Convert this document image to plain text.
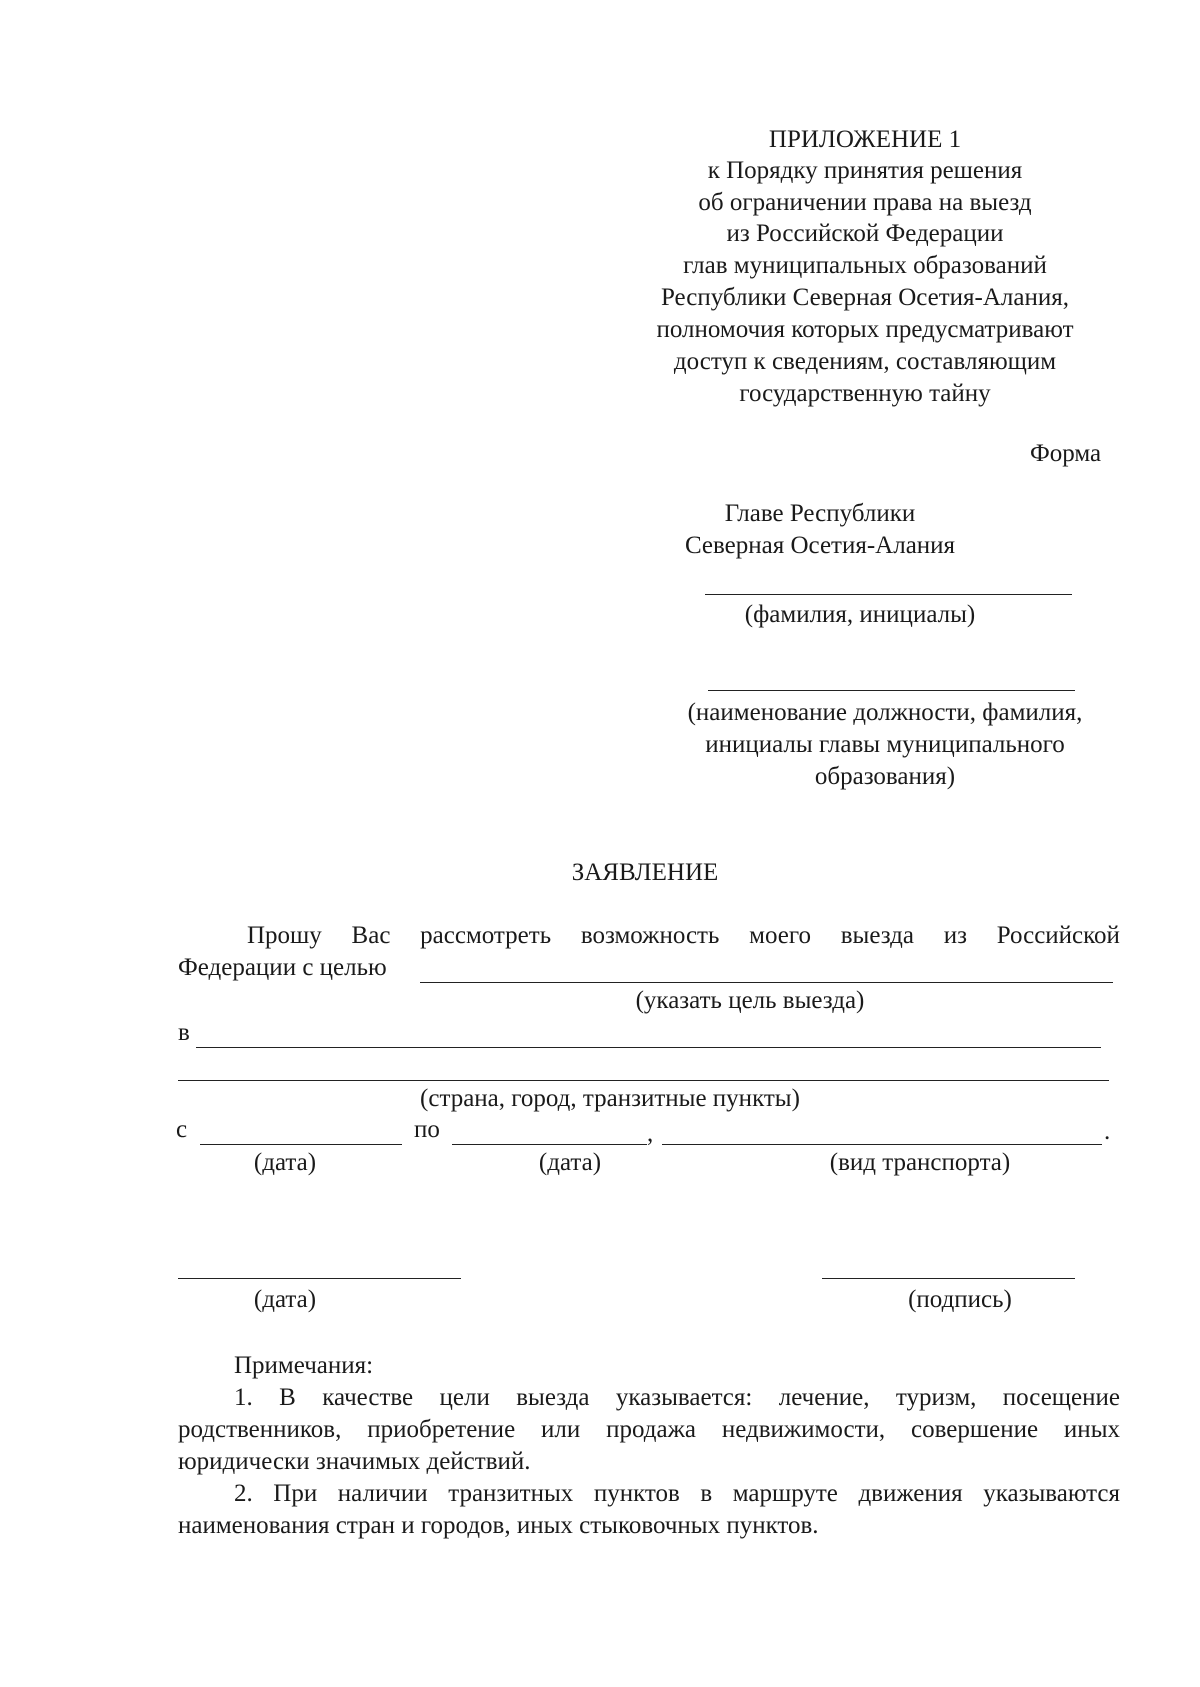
ПРИЛОЖЕНИЕ 1
к Порядку принятия решения
об ограничении права на выезд
из Российской Федерации
глав муниципальных образований
Республики Северная Осетия-Алания,
полномочия которых предусматривают
доступ к сведениям, составляющим
государственную тайну
Форма
Главе Республики
Северная Осетия-Алания
(фамилия, инициалы)
(наименование должности, фамилия,
инициалы главы муниципального
образования)
ЗАЯВЛЕНИЕ
Прошу Вас рассмотреть возможность моего выезда из Российской
Федерации с целью
(указать цель выезда)
в
(страна, город, транзитные пункты)
с	по	,	.
(дата)	(дата)	(вид транспорта)
(дата)	(подпись)
Примечания:
1. В качестве цели выезда указывается: лечение, туризм, посещение
родственников, приобретение или продажа недвижимости, совершение иных
юридически значимых действий.
2. При наличии транзитных пунктов в маршруте движения указываются
наименования стран и городов, иных стыковочных пунктов.
